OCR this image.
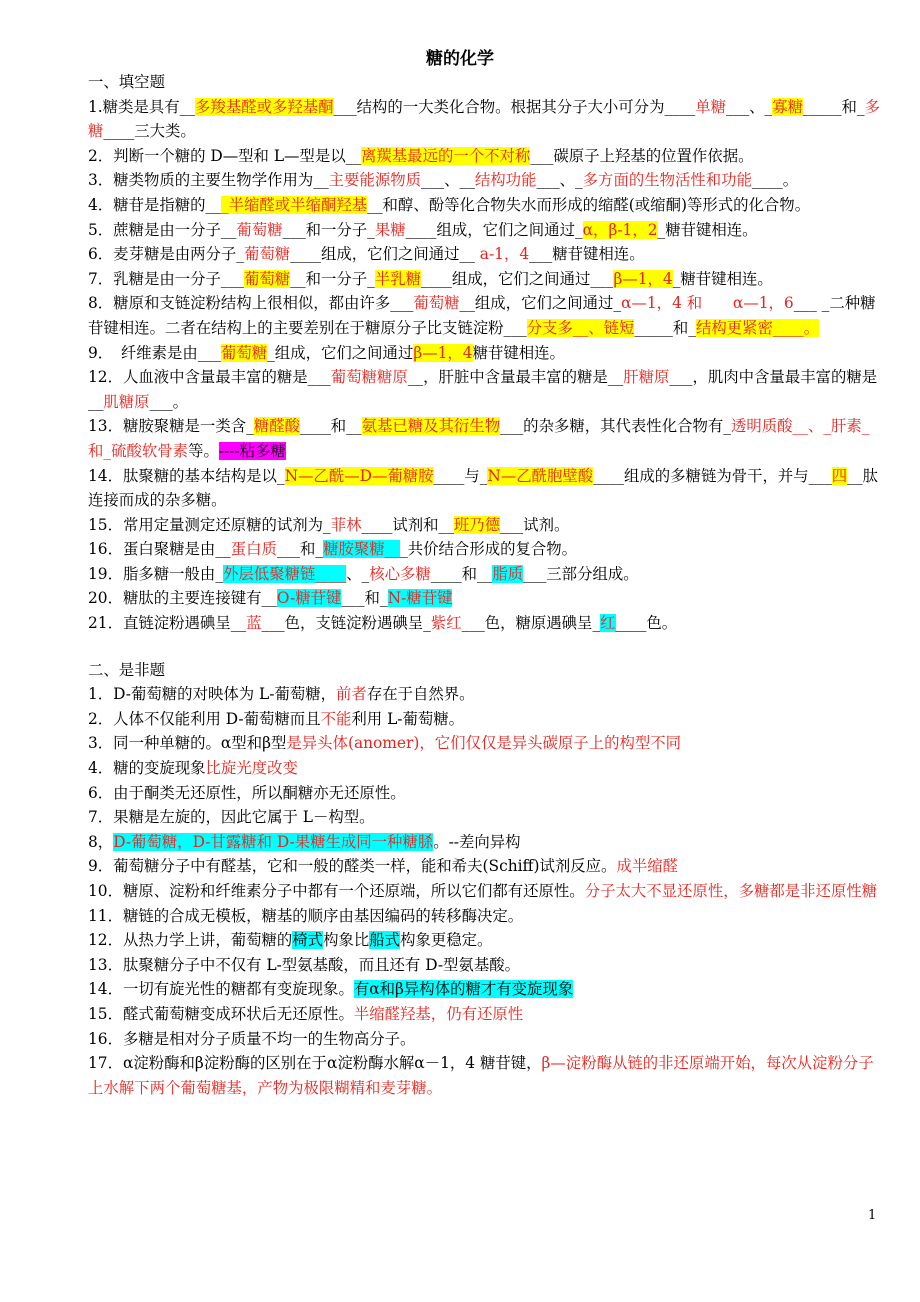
糖的化学
一、填空题
1.糖类是具有__多羧基醛或多羟基酮___结构的一大类化合物。根据其分子大小可分为____单糖___、_寡糖_____和_多糖____三大类。
2．判断一个糖的 D—型和 L—型是以__离羰基最远的一个不对称___碳原子上羟基的位置作依据。
3．糖类物质的主要生物学作用为__主要能源物质___、__结构功能___、_多方面的生物活性和功能____。
4．糖苷是指糖的___半缩醛或半缩酮羟基__和醇、酚等化合物失水而形成的缩醛(或缩酮)等形式的化合物。
5．蔗糖是由一分子__葡萄糖___和一分子_果糖____组成，它们之间通过_α，β-1，2_糖苷键相连。
6．麦芽糖是由两分子_葡萄糖____组成，它们之间通过__ a-1，4___糖苷键相连。
7．乳糖是由一分子___葡萄糖__和一分子_半乳糖____组成，它们之间通过___β—1，4_糖苷键相连。
8．糖原和支链淀粉结构上很相似，都由许多___葡萄糖__组成，它们之间通过_α—1，4 和　　α—1，6___ _二种糖苷键相连。二者在结构上的主要差别在于糖原分子比支链淀粉___分支多__、链短_____和_结构更紧密____。
9．　纤维素是由___葡萄糖_组成，它们之间通过β—1，4糖苷键相连。
12．人血液中含量最丰富的糖是___葡萄糖糖原__，肝脏中含量最丰富的糖是__肝糖原___，肌肉中含量最丰富的糖是__肌糖原___。
13．糖胺聚糖是一类含_糖醛酸____和__氨基已糖及其衍生物___的杂多糖，其代表性化合物有_透明质酸__、_肝素_和_硫酸软骨素等。----粘多糖
14．肽聚糖的基本结构是以_N—乙酰—D—葡糖胺____与_N—乙酰胞壁酸____组成的多糖链为骨干，并与___四__肽连接而成的杂多糖。
15．常用定量测定还原糖的试剂为_菲林____试剂和__班乃德___试剂。
16．蛋白聚糖是由__蛋白质___和_糖胺聚糖___共价结合形成的复合物。
19．脂多糖一般由_外层低聚糖链____、_核心多糖____和__脂质___三部分组成。
20．糖肽的主要连接键有__O-糖苷键___和_N-糖苷键
21．直链淀粉遇碘呈__蓝___色，支链淀粉遇碘呈_紫红___色，糖原遇碘呈_红____色。
二、是非题
1．D-葡萄糖的对映体为 L-葡萄糖，前者存在于自然界。
2．人体不仅能利用 D-葡萄糖而且不能利用 L-葡萄糖。
3．同一种单糖的。α型和β型是异头体(anomer)，它们仅仅是异头碳原子上的构型不同
4．糖的变旋现象比旋光度改变
6．由于酮类无还原性，所以酮糖亦无还原性。
7．果糖是左旋的，因此它属于 L－构型。
8，D-葡萄糖，D-甘露糖和 D-果糖生成同一种糖脎。--差向异构
9．葡萄糖分子中有醛基，它和一般的醛类一样，能和希夫(Schiff)试剂反应。成半缩醛
10．糖原、淀粉和纤维素分子中都有一个还原端，所以它们都有还原性。分子太大不显还原性，多糖都是非还原性糖
11．糖链的合成无模板，糖基的顺序由基因编码的转移酶决定。
12．从热力学上讲，葡萄糖的椅式构象比船式构象更稳定。
13．肽聚糖分子中不仅有 L-型氨基酸，而且还有 D-型氨基酸。
14．一切有旋光性的糖都有变旋现象。有α和β异构体的糖才有变旋现象
15．醛式葡萄糖变成环状后无还原性。半缩醛羟基，仍有还原性
16．多糖是相对分子质量不均一的生物高分子。
17．α淀粉酶和β淀粉酶的区别在于α淀粉酶水解α－1，4 糖苷键，β—淀粉酶从链的非还原端开始，每次从淀粉分子上水解下两个葡萄糖基，产物为极限糊精和麦芽糖。
1
